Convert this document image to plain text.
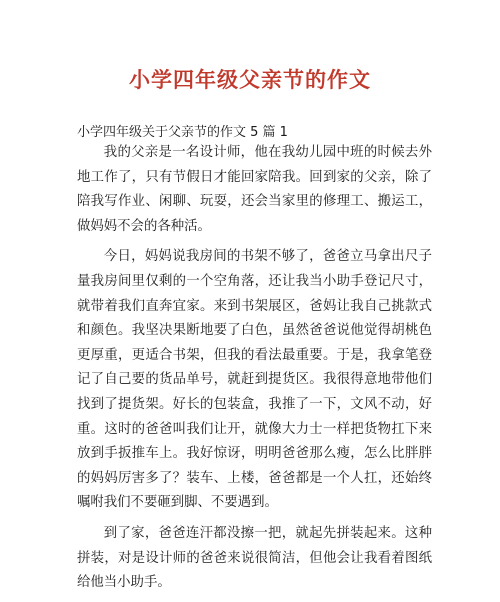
小学四年级父亲节的作文
小学四年级关于父亲节的作文 5 篇 1

我的父亲是一名设计师，他在我幼儿园中班的时候去外地工作了，只有节假日才能回家陪我。回到家的父亲，除了陪我写作业、闲聊、玩耍，还会当家里的修理工、搬运工，做妈妈不会的各种活。

今日，妈妈说我房间的书架不够了，爸爸立马拿出尺子量我房间里仅剩的一个空角落，还让我当小助手登记尺寸，就带着我们直奔宜家。来到书架展区，爸妈让我自己挑款式和颜色。我坚决果断地要了白色，虽然爸爸说他觉得胡桃色更厚重，更适合书架，但我的看法最重要。于是，我拿笔登记了自己要的货品单号，就赶到提货区。我很得意地带他们找到了提货架。好长的包装盒，我推了一下，文风不动，好重。这时的爸爸叫我们让开，就像大力士一样把货物扛下来放到手扳推车上。我好惊讶，明明爸爸那么瘦，怎么比胖胖的妈妈厉害多了？装车、上楼，爸爸都是一个人扛，还始终嘱咐我们不要砸到脚、不要遇到。

到了家，爸爸连汗都没擦一把，就起先拼装起来。这种拼装，对是设计师的爸爸来说很简洁，但他会让我看着图纸给他当小助手。
